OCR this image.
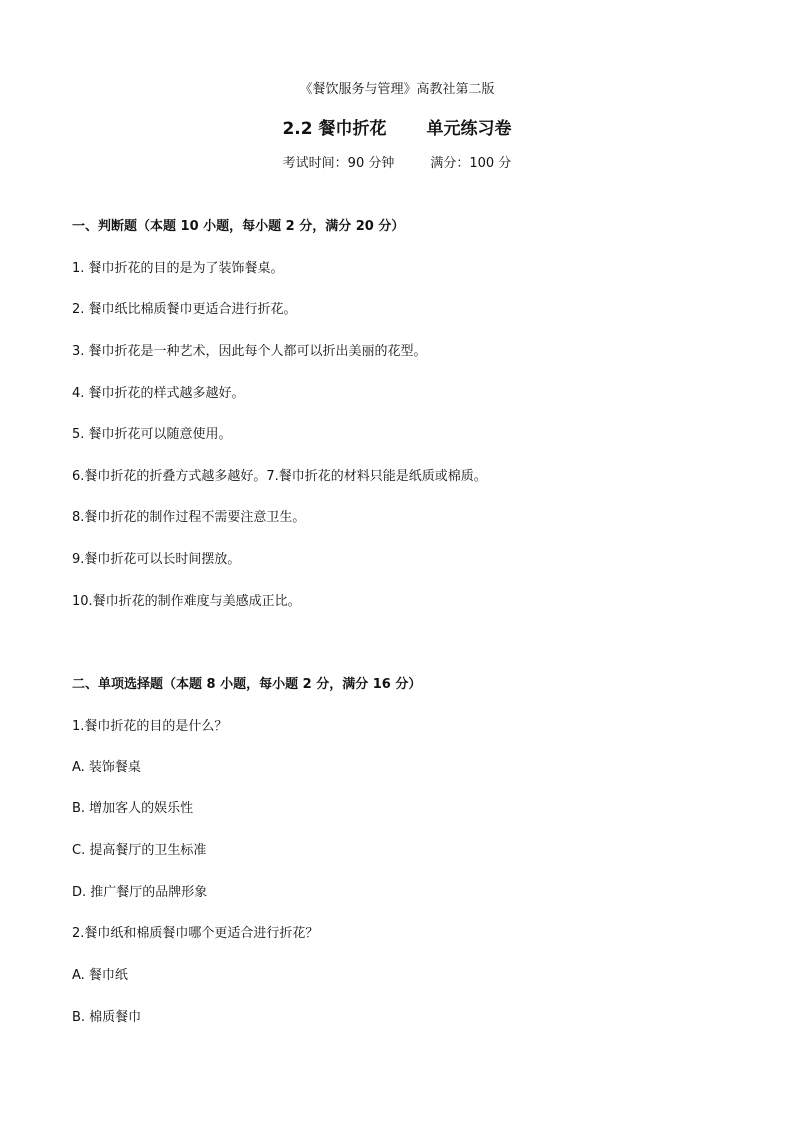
《餐饮服务与管理》高教社第二版
2.2 餐巾折花 单元练习卷
考试时间：90 分钟	满分：100 分
一、判断题（本题 10 小题，每小题 2 分，满分 20 分）
1. 餐巾折花的目的是为了装饰餐桌。
2. 餐巾纸比棉质餐巾更适合进行折花。
3. 餐巾折花是一种艺术，因此每个人都可以折出美丽的花型。
4. 餐巾折花的样式越多越好。
5. 餐巾折花可以随意使用。
6.餐巾折花的折叠方式越多越好。7.餐巾折花的材料只能是纸质或棉质。
8.餐巾折花的制作过程不需要注意卫生。
9.餐巾折花可以长时间摆放。
10.餐巾折花的制作难度与美感成正比。
二、单项选择题（本题 8 小题，每小题 2 分，满分 16 分）
1.餐巾折花的目的是什么？
A. 装饰餐桌
B. 增加客人的娱乐性
C. 提高餐厅的卫生标准
D. 推广餐厅的品牌形象
2.餐巾纸和棉质餐巾哪个更适合进行折花？
A. 餐巾纸
B. 棉质餐巾
